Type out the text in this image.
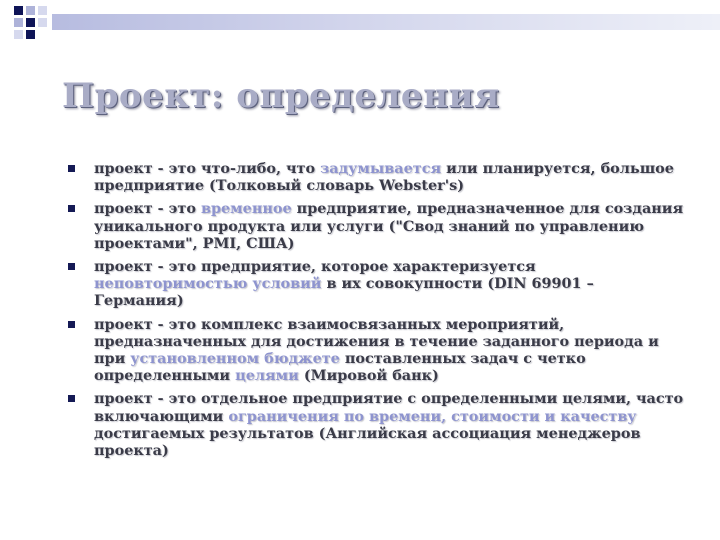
Проект: определения
проект - это что-либо, что задумывается или планируется, большое предприятие (Толковый словарь Webster's)
проект - это временное предприятие, предназначенное для создания уникального продукта или услуги ("Свод знаний по управлению проектами", PMI, США)
проект - это предприятие, которое характеризуется неповторимостью условий в их совокупности (DIN 69901 – Германия)
проект - это комплекс взаимосвязанных мероприятий, предназначенных для достижения в течение заданного периода и при установленном бюджете поставленных задач с четко определенными целями (Мировой банк)
проект - это отдельное предприятие с определенными целями, часто включающими ограничения по времени, стоимости и качеству достигаемых результатов (Английская ассоциация менеджеров проекта)
